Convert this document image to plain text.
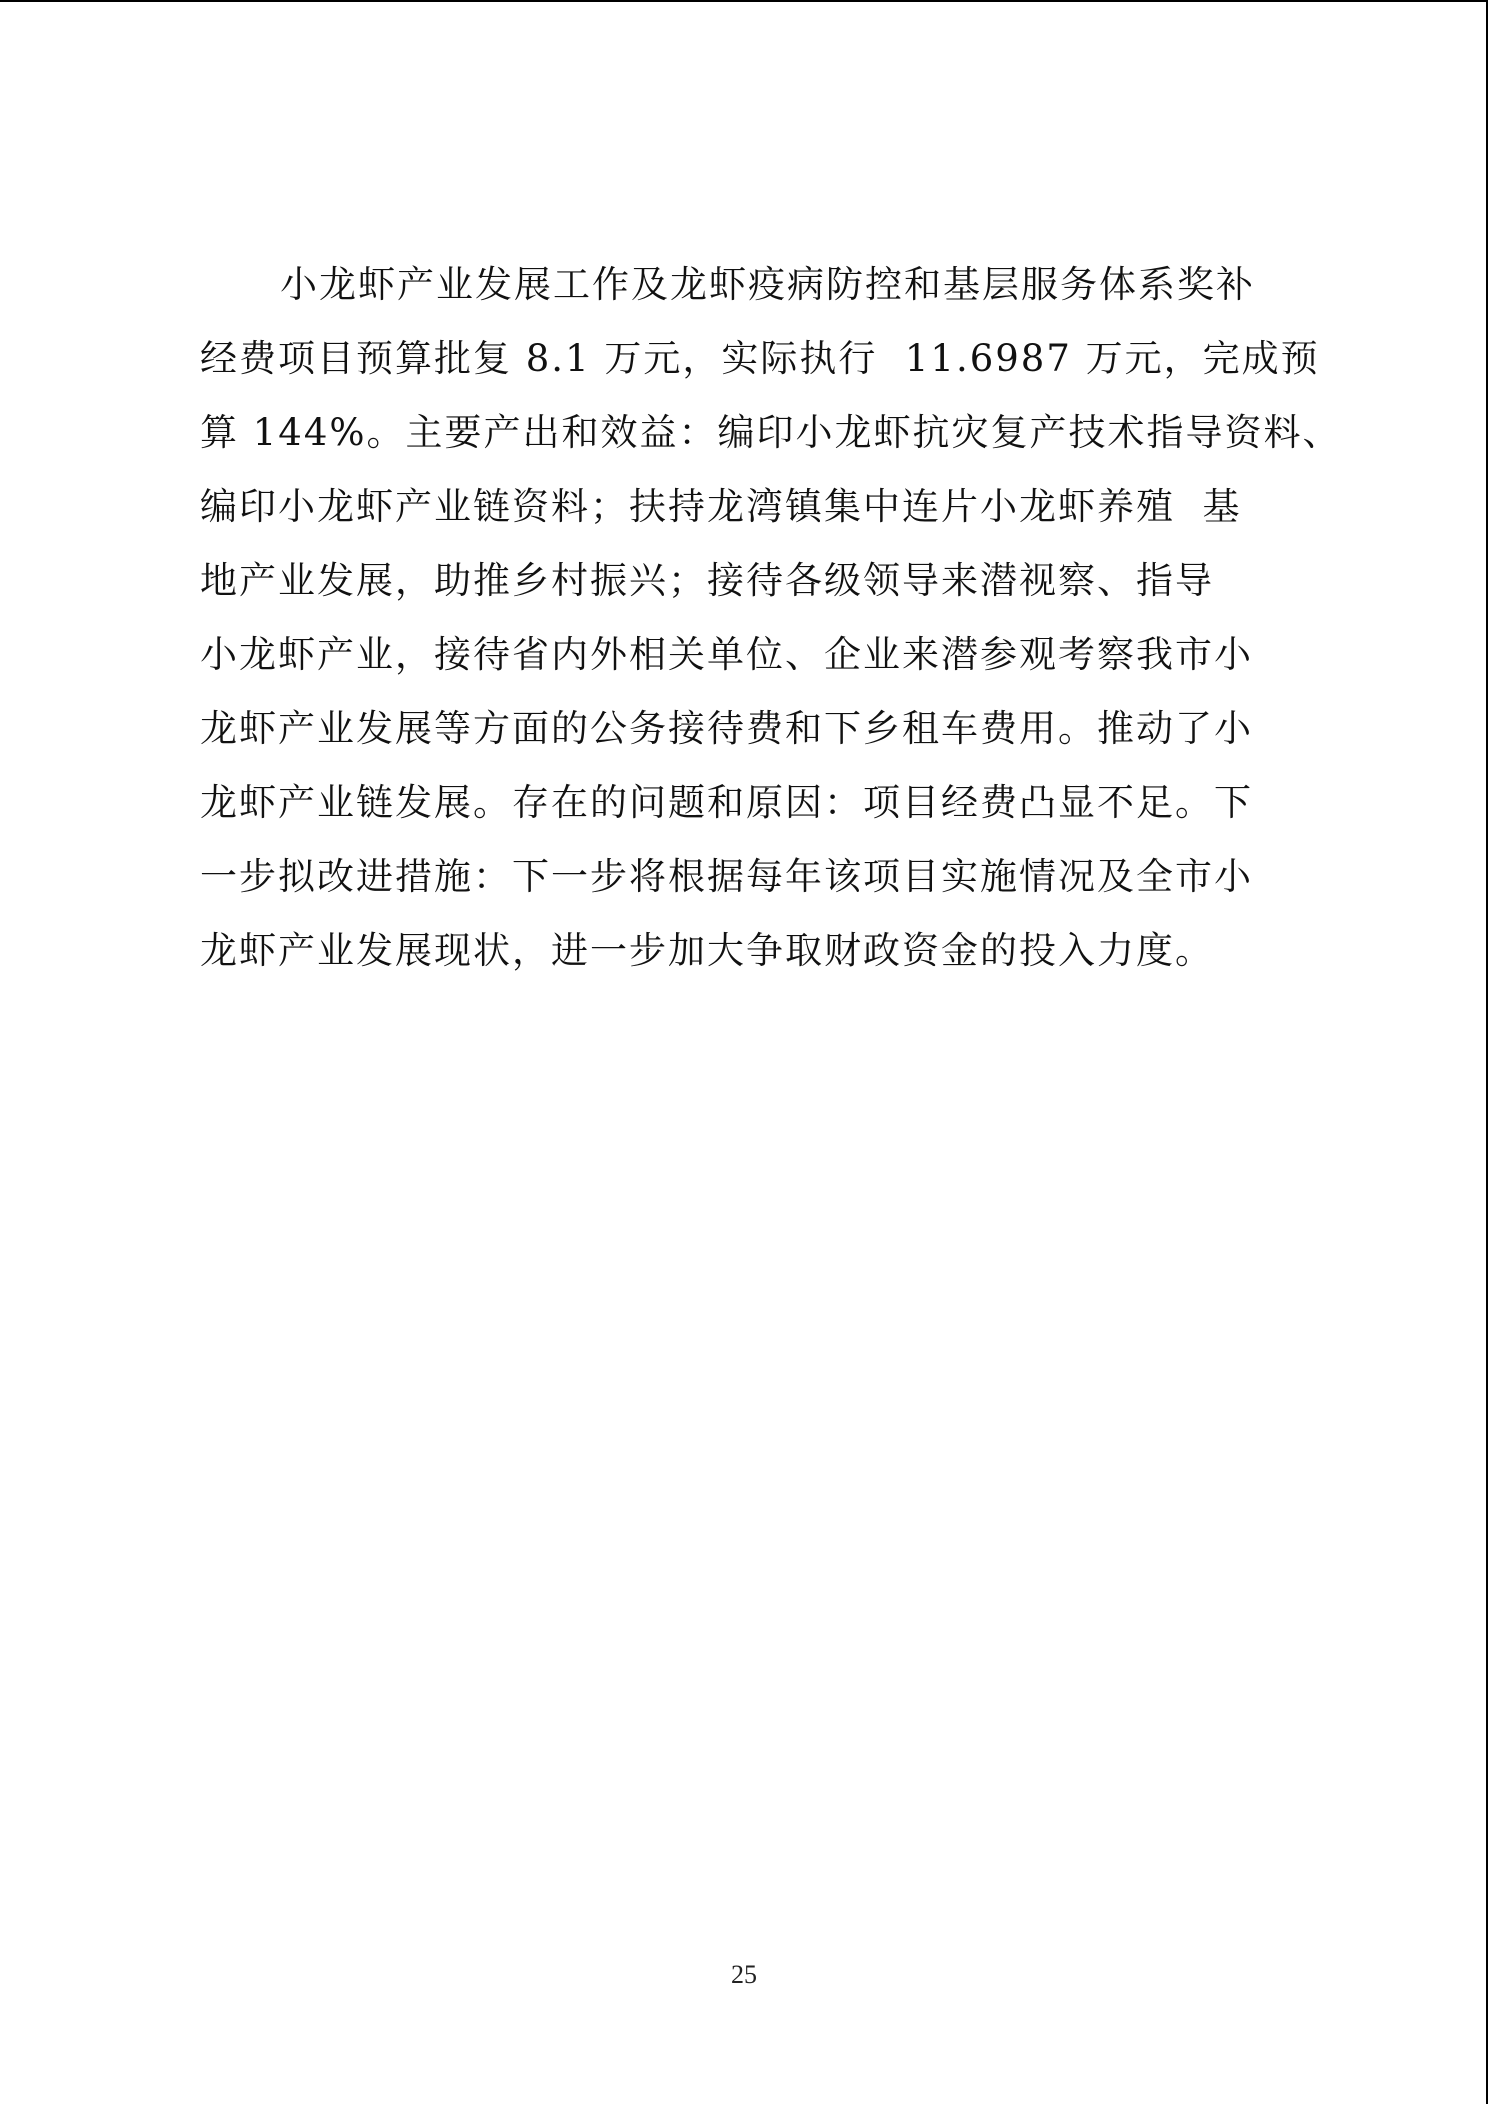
小龙虾产业发展工作及龙虾疫病防控和基层服务体系奖补
经费项目预算批复 8.1 万元，实际执行  11.6987 万元，完成预
算 144%。主要产出和效益：编印小龙虾抗灾复产技术指导资料、
编印小龙虾产业链资料；扶持龙湾镇集中连片小龙虾养殖  基
地产业发展，助推乡村振兴；接待各级领导来潜视察、指导
小龙虾产业，接待省内外相关单位、企业来潜参观考察我市小
龙虾产业发展等方面的公务接待费和下乡租车费用。推动了小
龙虾产业链发展。存在的问题和原因：项目经费凸显不足。下
一步拟改进措施：下一步将根据每年该项目实施情况及全市小
龙虾产业发展现状，进一步加大争取财政资金的投入力度。
25
